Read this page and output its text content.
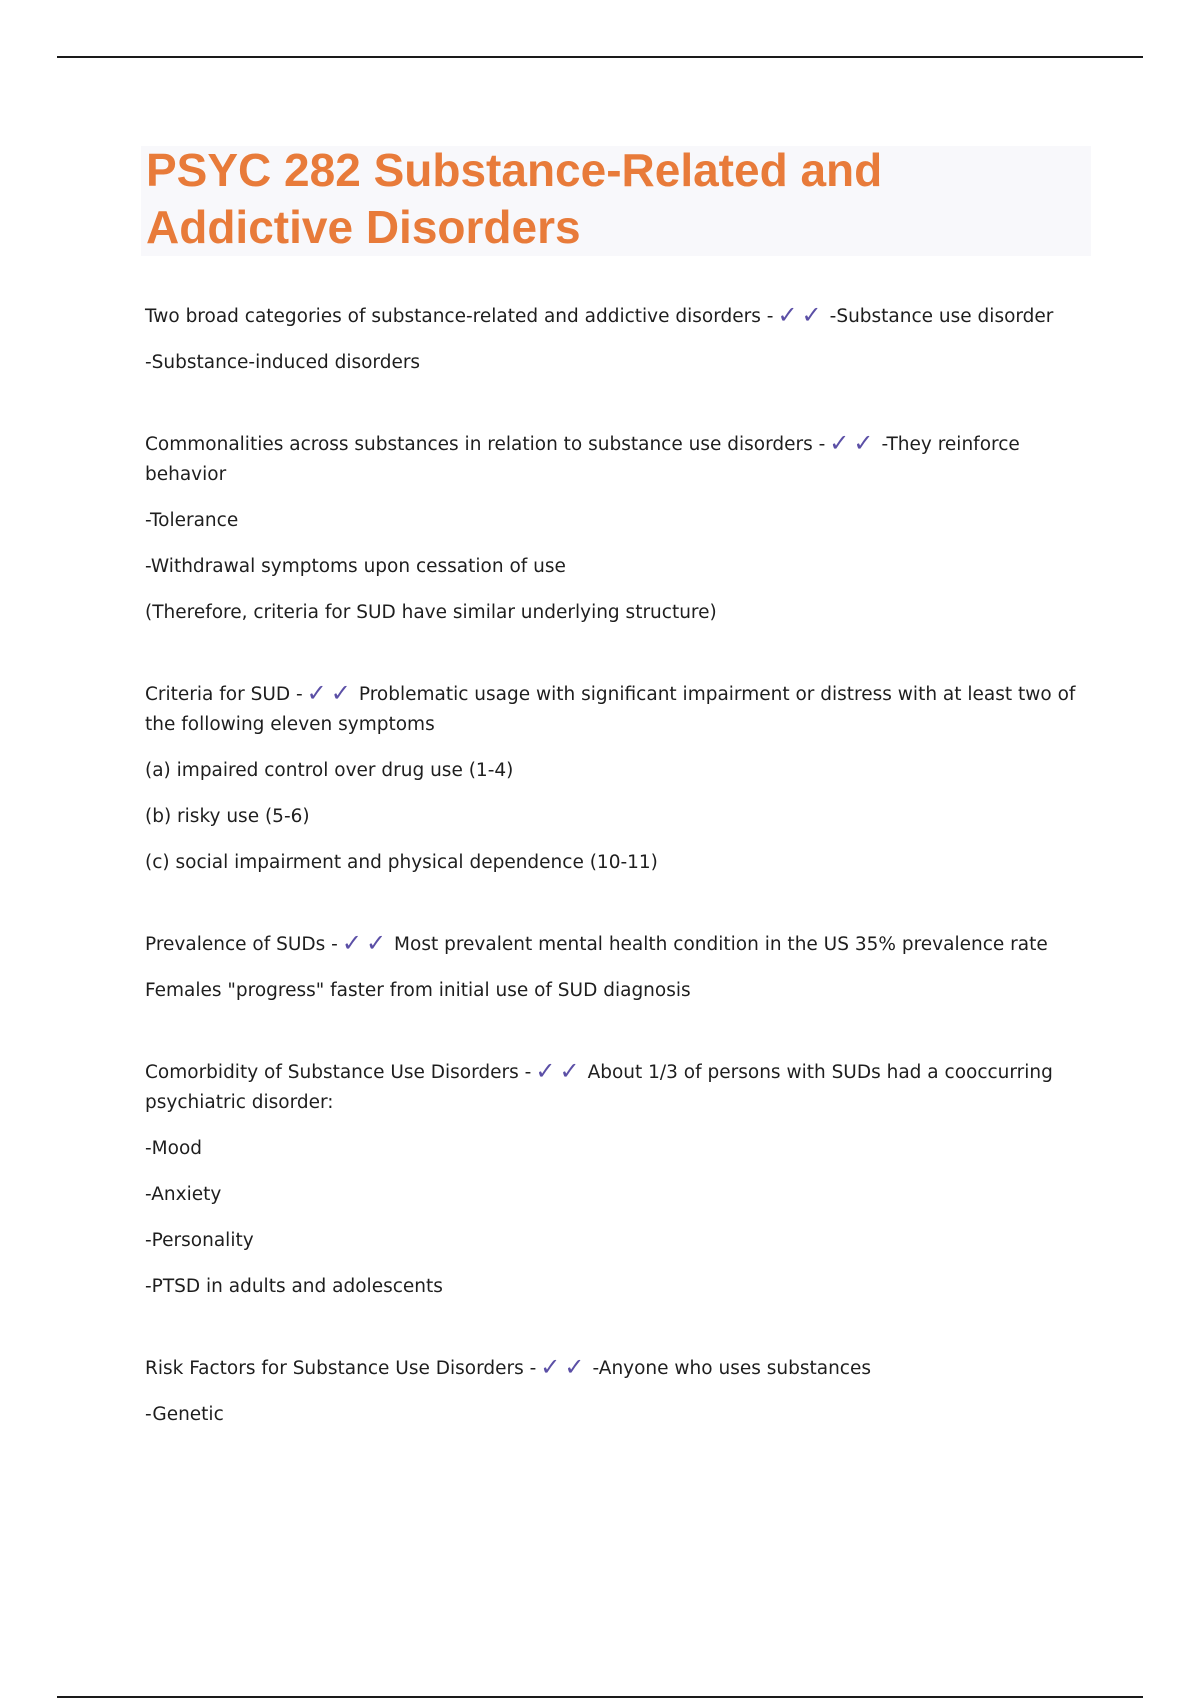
PSYC 282 Substance-Related and Addictive Disorders

Two broad categories of substance-related and addictive disorders - ✓ ✓ -Substance use disorder

-Substance-induced disorders

Commonalities across substances in relation to substance use disorders - ✓ ✓ -They reinforce behavior

-Tolerance

-Withdrawal symptoms upon cessation of use

(Therefore, criteria for SUD have similar underlying structure)

Criteria for SUD - ✓ ✓ Problematic usage with significant impairment or distress with at least two of the following eleven symptoms

(a) impaired control over drug use (1-4)

(b) risky use (5-6)

(c) social impairment and physical dependence (10-11)

Prevalence of SUDs - ✓ ✓ Most prevalent mental health condition in the US 35% prevalence rate

Females "progress" faster from initial use of SUD diagnosis

Comorbidity of Substance Use Disorders - ✓ ✓ About 1/3 of persons with SUDs had a cooccurring psychiatric disorder:

-Mood

-Anxiety

-Personality

-PTSD in adults and adolescents

Risk Factors for Substance Use Disorders - ✓ ✓ -Anyone who uses substances

-Genetic
